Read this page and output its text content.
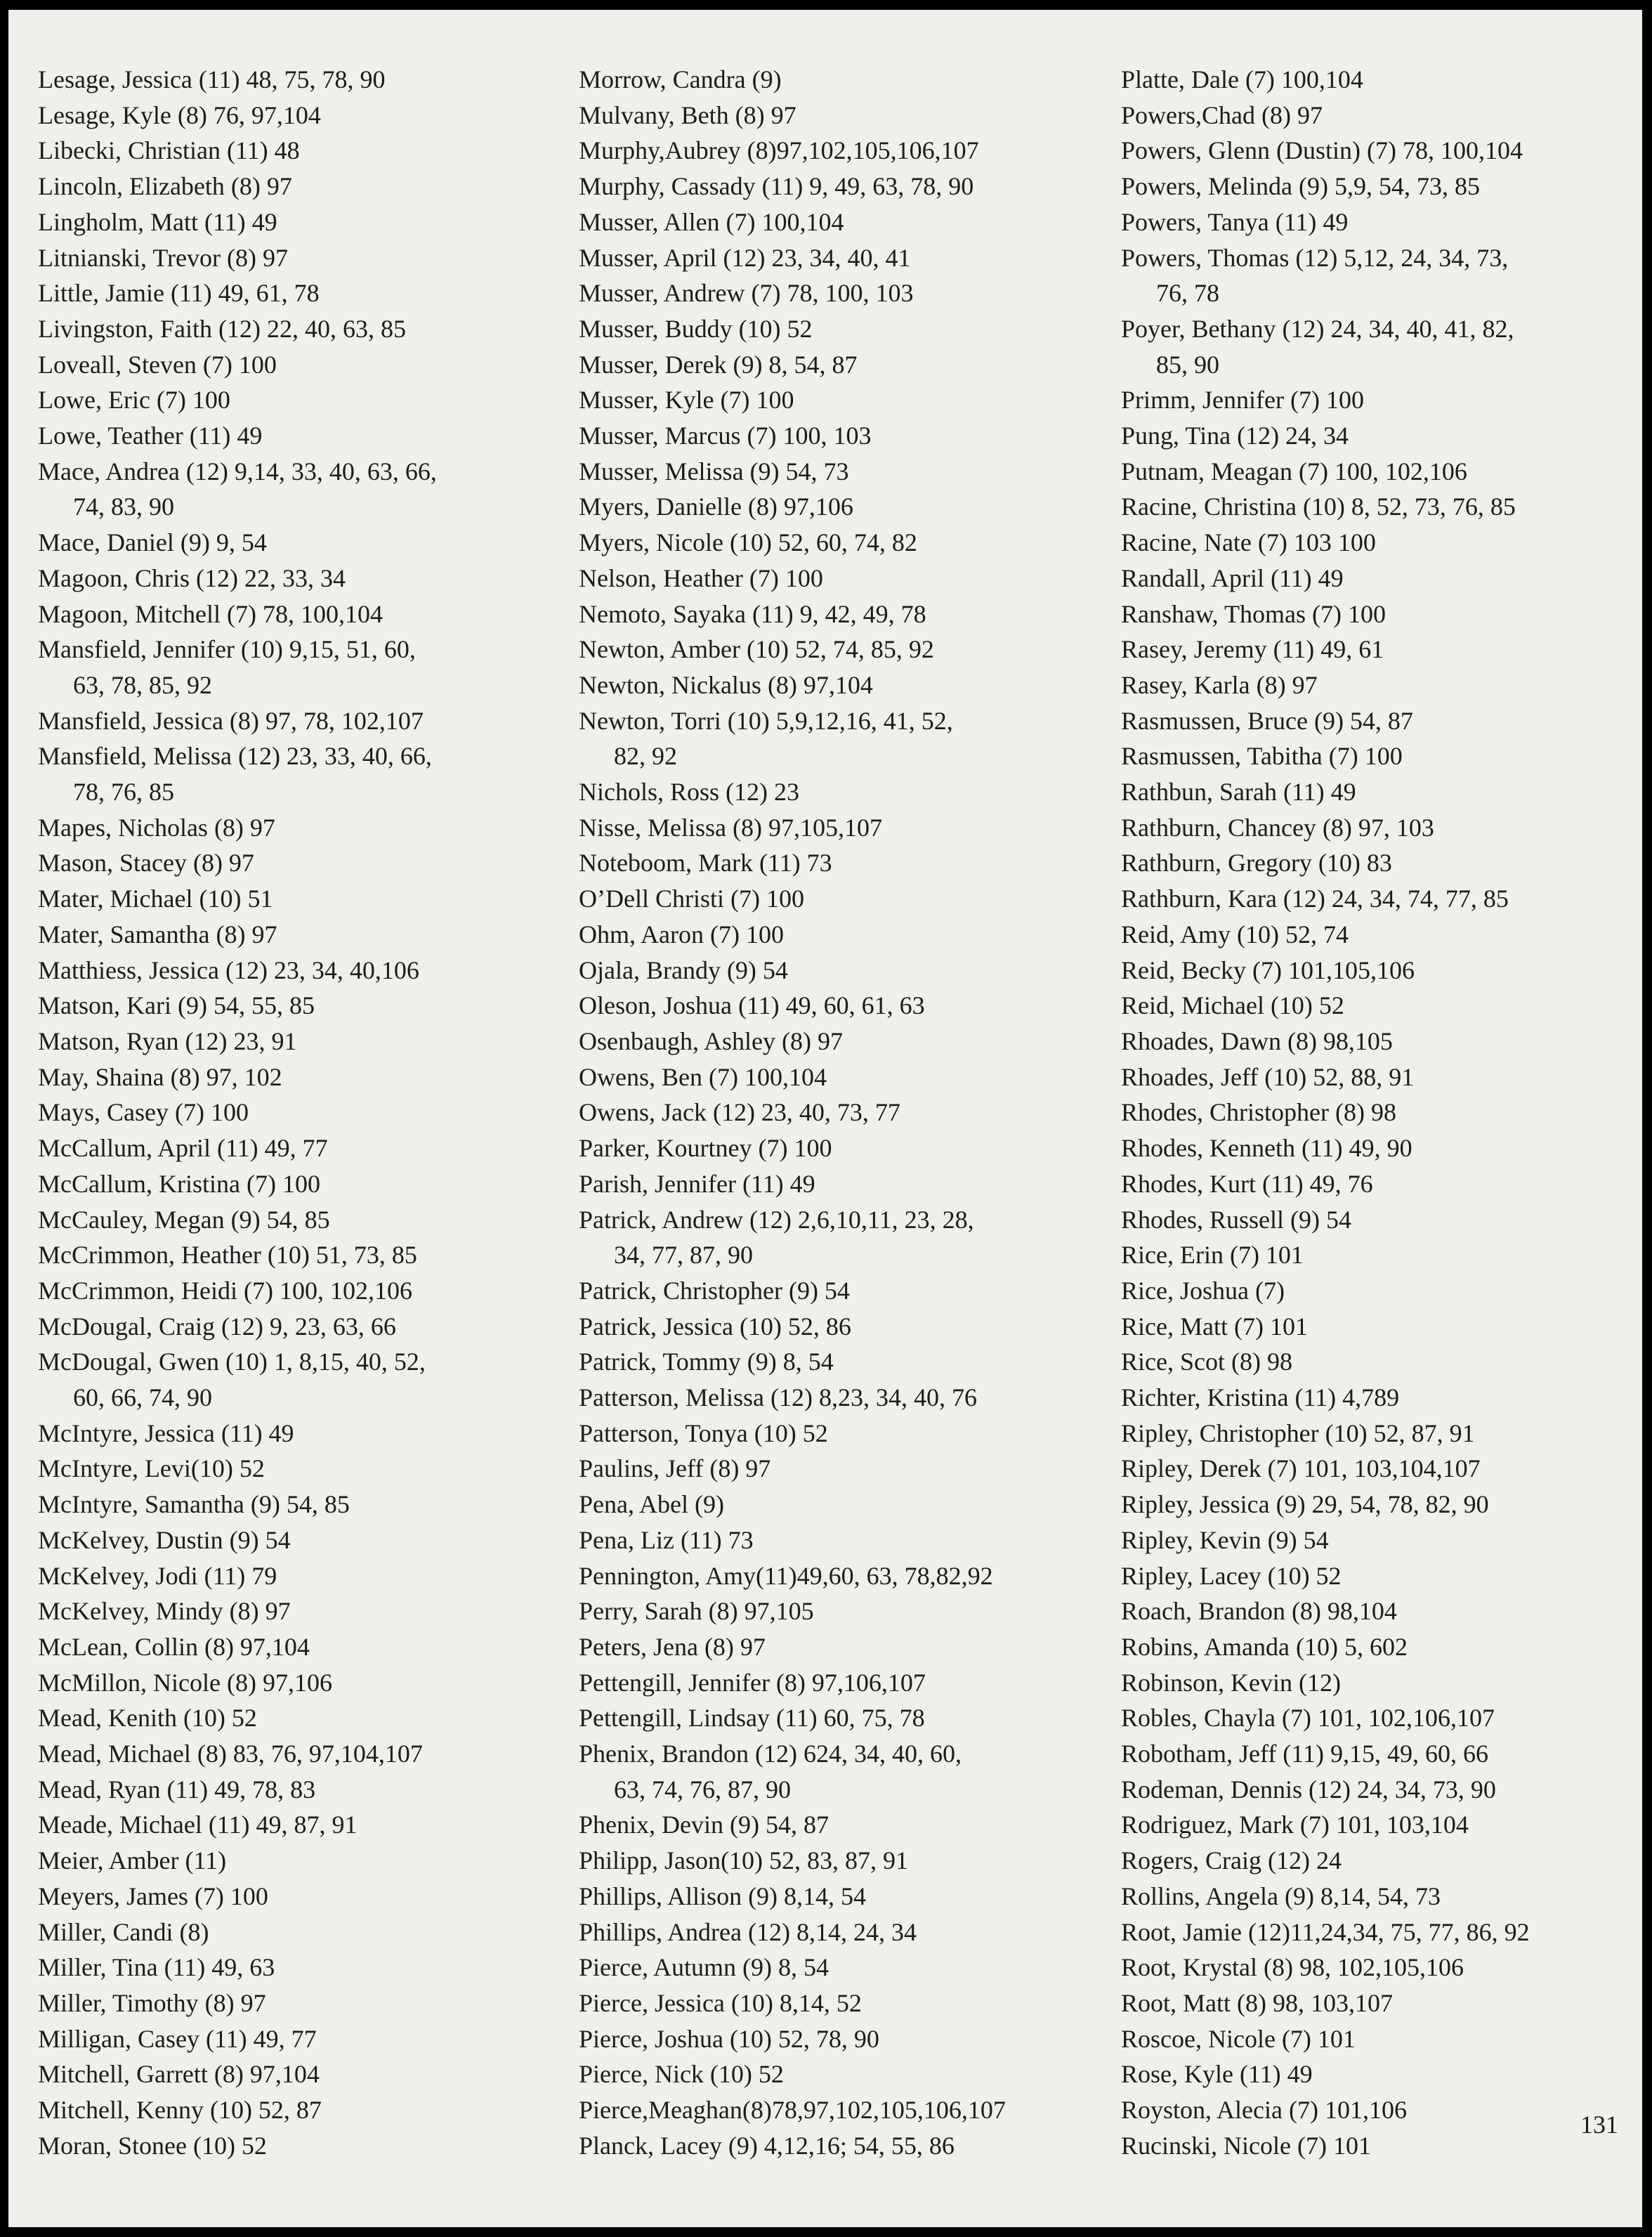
Lesage, Jessica (11) 48, 75, 78, 90
Lesage, Kyle (8) 76, 97,104
Libecki, Christian (11) 48
Lincoln, Elizabeth (8) 97
Lingholm, Matt (11) 49
Litnianski, Trevor (8) 97
Little, Jamie (11) 49, 61, 78
Livingston, Faith (12) 22, 40, 63, 85
Loveall, Steven (7) 100
Lowe, Eric (7) 100
Lowe, Teather (11) 49
Mace, Andrea (12) 9,14, 33, 40, 63, 66,
74, 83, 90
Mace, Daniel (9) 9, 54
Magoon, Chris (12) 22, 33, 34
Magoon, Mitchell (7) 78, 100,104
Mansfield, Jennifer (10) 9,15, 51, 60,
63, 78, 85, 92
Mansfield, Jessica (8) 97, 78, 102,107
Mansfield, Melissa (12) 23, 33, 40, 66,
78, 76, 85
Mapes, Nicholas (8) 97
Mason, Stacey (8) 97
Mater, Michael (10) 51
Mater, Samantha (8) 97
Matthiess, Jessica (12) 23, 34, 40,106
Matson, Kari (9) 54, 55, 85
Matson, Ryan (12) 23, 91
May, Shaina (8) 97, 102
Mays, Casey (7) 100
McCallum, April (11) 49, 77
McCallum, Kristina (7) 100
McCauley, Megan (9) 54, 85
McCrimmon, Heather (10) 51, 73, 85
McCrimmon, Heidi (7) 100, 102,106
McDougal, Craig (12) 9, 23, 63, 66
McDougal, Gwen (10) 1, 8,15, 40, 52,
60, 66, 74, 90
McIntyre, Jessica (11) 49
McIntyre, Levi(10) 52
McIntyre, Samantha (9) 54, 85
McKelvey, Dustin (9) 54
McKelvey, Jodi (11) 79
McKelvey, Mindy (8) 97
McLean, Collin (8) 97,104
McMillon, Nicole (8) 97,106
Mead, Kenith (10) 52
Mead, Michael (8) 83, 76, 97,104,107
Mead, Ryan (11) 49, 78, 83
Meade, Michael (11) 49, 87, 91
Meier, Amber (11)
Meyers, James (7) 100
Miller, Candi (8)
Miller, Tina (11) 49, 63
Miller, Timothy (8) 97
Milligan, Casey (11) 49, 77
Mitchell, Garrett (8) 97,104
Mitchell, Kenny (10) 52, 87
Moran, Stonee (10) 52
Morrow, Candra (9)
Mulvany, Beth (8) 97
Murphy,Aubrey (8)97,102,105,106,107
Murphy, Cassady (11) 9, 49, 63, 78, 90
Musser, Allen (7) 100,104
Musser, April (12) 23, 34, 40, 41
Musser, Andrew (7) 78, 100, 103
Musser, Buddy (10) 52
Musser, Derek (9) 8, 54, 87
Musser, Kyle (7) 100
Musser, Marcus (7) 100, 103
Musser, Melissa (9) 54, 73
Myers, Danielle (8) 97,106
Myers, Nicole (10) 52, 60, 74, 82
Nelson, Heather (7) 100
Nemoto, Sayaka (11) 9, 42, 49, 78
Newton, Amber (10) 52, 74, 85, 92
Newton, Nickalus (8) 97,104
Newton, Torri (10) 5,9,12,16, 41, 52,
82, 92
Nichols, Ross (12) 23
Nisse, Melissa (8) 97,105,107
Noteboom, Mark (11) 73
O’Dell Christi (7) 100
Ohm, Aaron (7) 100
Ojala, Brandy (9) 54
Oleson, Joshua (11) 49, 60, 61, 63
Osenbaugh, Ashley (8) 97
Owens, Ben (7) 100,104
Owens, Jack (12) 23, 40, 73, 77
Parker, Kourtney (7) 100
Parish, Jennifer (11) 49
Patrick, Andrew (12) 2,6,10,11, 23, 28,
34, 77, 87, 90
Patrick, Christopher (9) 54
Patrick, Jessica (10) 52, 86
Patrick, Tommy (9) 8, 54
Patterson, Melissa (12) 8,23, 34, 40, 76
Patterson, Tonya (10) 52
Paulins, Jeff (8) 97
Pena, Abel (9)
Pena, Liz (11) 73
Pennington, Amy(11)49,60, 63, 78,82,92
Perry, Sarah (8) 97,105
Peters, Jena (8) 97
Pettengill, Jennifer (8) 97,106,107
Pettengill, Lindsay (11) 60, 75, 78
Phenix, Brandon (12) 624, 34, 40, 60,
63, 74, 76, 87, 90
Phenix, Devin (9) 54, 87
Philipp, Jason(10) 52, 83, 87, 91
Phillips, Allison (9) 8,14, 54
Phillips, Andrea (12) 8,14, 24, 34
Pierce, Autumn (9) 8, 54
Pierce, Jessica (10) 8,14, 52
Pierce, Joshua (10) 52, 78, 90
Pierce, Nick (10) 52
Pierce,Meaghan(8)78,97,102,105,106,107
Planck, Lacey (9) 4,12,16; 54, 55, 86
Platte, Dale (7) 100,104
Powers,Chad (8) 97
Powers, Glenn (Dustin) (7) 78, 100,104
Powers, Melinda (9) 5,9, 54, 73, 85
Powers, Tanya (11) 49
Powers, Thomas (12) 5,12, 24, 34, 73,
76, 78
Poyer, Bethany (12) 24, 34, 40, 41, 82,
85, 90
Primm, Jennifer (7) 100
Pung, Tina (12) 24, 34
Putnam, Meagan (7) 100, 102,106
Racine, Christina (10) 8, 52, 73, 76, 85
Racine, Nate (7) 103 100
Randall, April (11) 49
Ranshaw, Thomas (7) 100
Rasey, Jeremy (11) 49, 61
Rasey, Karla (8) 97
Rasmussen, Bruce (9) 54, 87
Rasmussen, Tabitha (7) 100
Rathbun, Sarah (11) 49
Rathburn, Chancey (8) 97, 103
Rathburn, Gregory (10) 83
Rathburn, Kara (12) 24, 34, 74, 77, 85
Reid, Amy (10) 52, 74
Reid, Becky (7) 101,105,106
Reid, Michael (10) 52
Rhoades, Dawn (8) 98,105
Rhoades, Jeff (10) 52, 88, 91
Rhodes, Christopher (8) 98
Rhodes, Kenneth (11) 49, 90
Rhodes, Kurt (11) 49, 76
Rhodes, Russell (9) 54
Rice, Erin (7) 101
Rice, Joshua (7)
Rice, Matt (7) 101
Rice, Scot (8) 98
Richter, Kristina (11) 4,789
Ripley, Christopher (10) 52, 87, 91
Ripley, Derek (7) 101, 103,104,107
Ripley, Jessica (9) 29, 54, 78, 82, 90
Ripley, Kevin (9) 54
Ripley, Lacey (10) 52
Roach, Brandon (8) 98,104
Robins, Amanda (10) 5, 602
Robinson, Kevin (12)
Robles, Chayla (7) 101, 102,106,107
Robotham, Jeff (11) 9,15, 49, 60, 66
Rodeman, Dennis (12) 24, 34, 73, 90
Rodriguez, Mark (7) 101, 103,104
Rogers, Craig (12) 24
Rollins, Angela (9) 8,14, 54, 73
Root, Jamie (12)11,24,34, 75, 77, 86, 92
Root, Krystal (8) 98, 102,105,106
Root, Matt (8) 98, 103,107
Roscoe, Nicole (7) 101
Rose, Kyle (11) 49
Royston, Alecia (7) 101,106
Rucinski, Nicole (7) 101
131
